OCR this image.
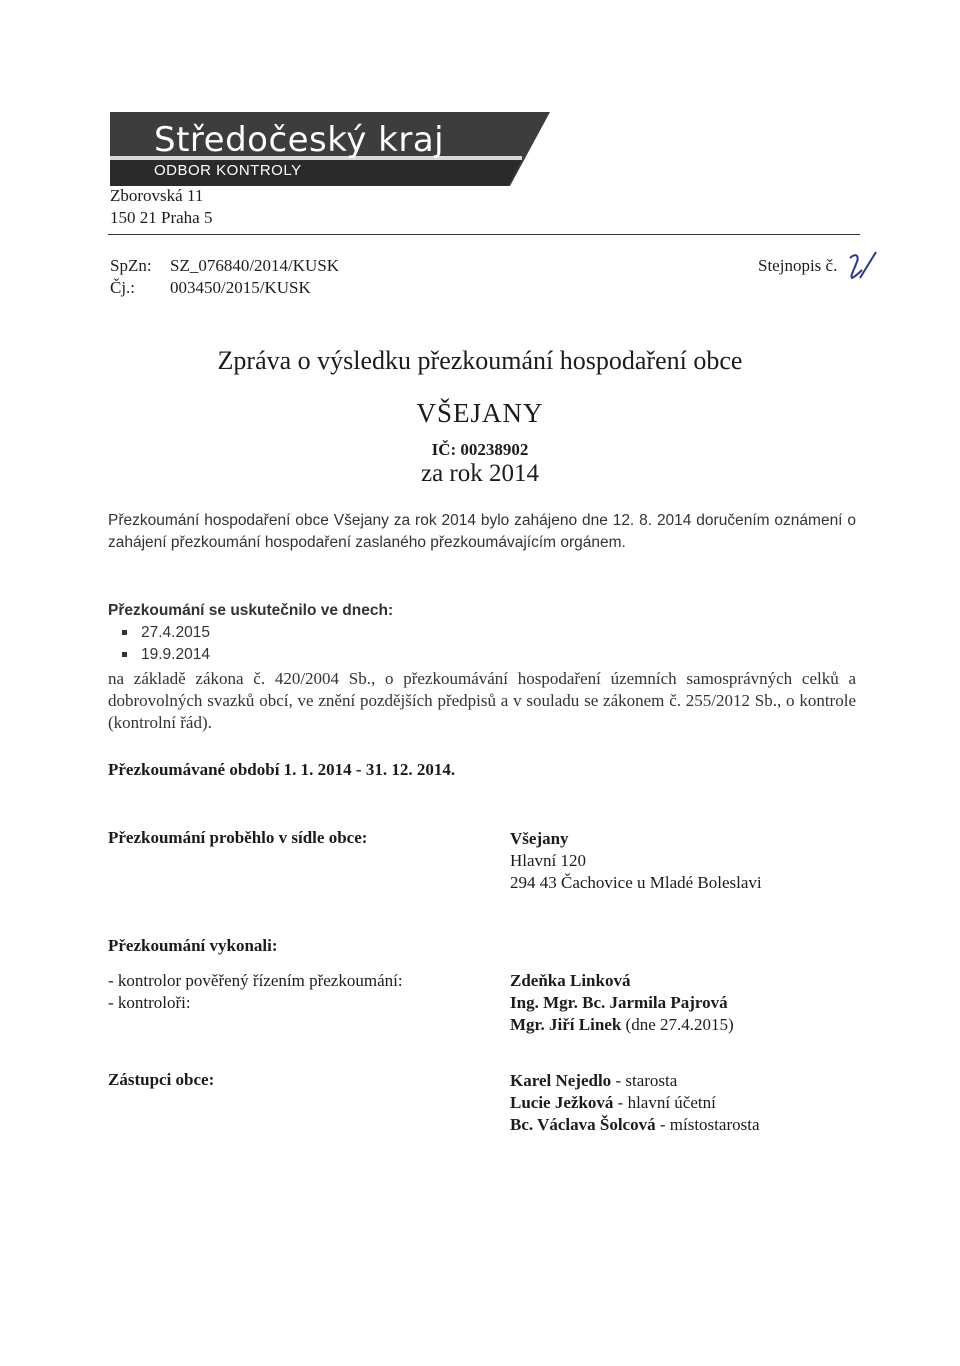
Středočeský kraj
ODBOR KONTROLY
Zborovská 11
150 21 Praha 5
SpZn: SZ_076840/2014/KUSK
Čj.: 003450/2015/KUSK
Stejnopis č.
Zpráva o výsledku přezkoumání hospodaření obce
VŠEJANY
IČ: 00238902
za rok 2014
Přezkoumání hospodaření obce Všejany za rok 2014 bylo zahájeno dne 12. 8. 2014 doručením oznámení o zahájení přezkoumání hospodaření zaslaného přezkoumávajícím orgánem.
Přezkoumání se uskutečnilo ve dnech:
27.4.2015
19.9.2014
na základě zákona č. 420/2004 Sb., o přezkoumávání hospodaření územních samosprávných celků a dobrovolných svazků obcí, ve znění pozdějších předpisů a v souladu se zákonem č. 255/2012 Sb., o kontrole (kontrolní řád).
Přezkoumávané období 1. 1. 2014 - 31. 12. 2014.
Přezkoumání proběhlo v sídle obce:	Všejany
Hlavní 120
294 43 Čachovice u Mladé Boleslavi
Přezkoumání vykonali:
- kontrolor pověřený řízením přezkoumání:
- kontroloři:
Zdeňka Linková
Ing. Mgr. Bc. Jarmila Pajrová
Mgr. Jiří Linek (dne 27.4.2015)
Zástupci obce:	Karel Nejedlo - starosta
Lucie Ježková - hlavní účetní
Bc. Václava Šolcová - místostarosta
